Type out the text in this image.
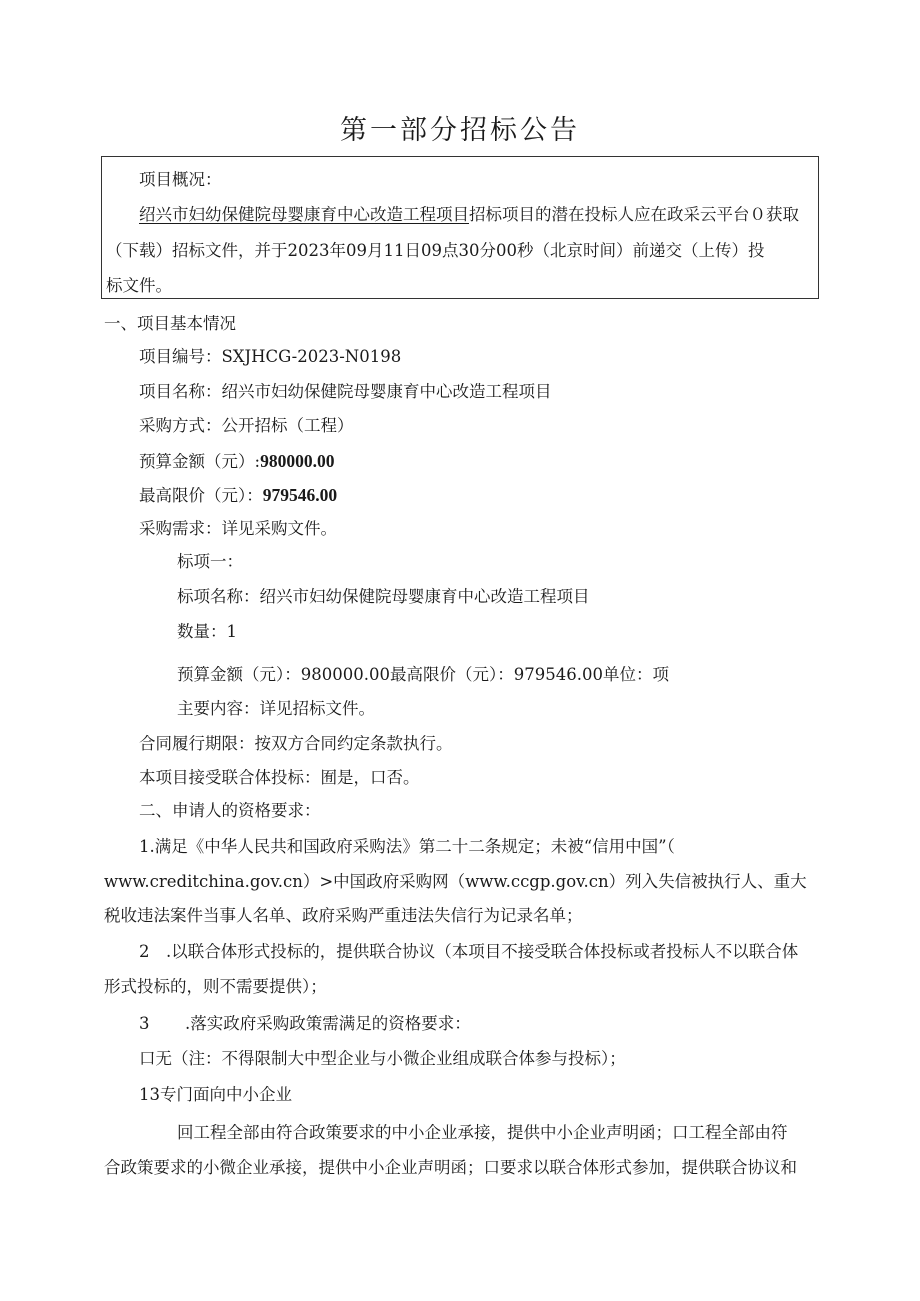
第一部分招标公告
项目概况：
绍兴市妇幼保健院母婴康育中心改造工程项目招标项目的潜在投标人应在政采云平台０获取
（下载）招标文件，并于2023年09月11日09点30分00秒（北京时间）前递交（上传）投
标文件。
一、项目基本情况
项目编号：SXJHCG-2023-N0198
项目名称：绍兴市妇幼保健院母婴康育中心改造工程项目
采购方式：公开招标（工程）
预算金额（元）:980000.00
最高限价（元）：979546.00
采购需求：详见采购文件。
标项一：
标项名称：绍兴市妇幼保健院母婴康育中心改造工程项目
数量：1
预算金额（元）：980000.00最高限价（元）：979546.00单位：项
主要内容：详见招标文件。
合同履行期限：按双方合同约定条款执行。
本项目接受联合体投标：囿是，口否。
二、申请人的资格要求：
1.满足《中华人民共和国政府采购法》第二十二条规定；未被“信用中国”（
www.creditchina.gov.cn）>中国政府采购网（www.ccgp.gov.cn）列入失信被执行人、重大
税收违法案件当事人名单、政府采购严重违法失信行为记录名单；
2　.以联合体形式投标的，提供联合协议（本项目不接受联合体投标或者投标人不以联合体
形式投标的，则不需要提供）；
3 .落实政府采购政策需满足的资格要求：
口无（注：不得限制大中型企业与小微企业组成联合体参与投标）；
13专门面向中小企业
回工程全部由符合政策要求的中小企业承接，提供中小企业声明函；口工程全部由符
合政策要求的小微企业承接，提供中小企业声明函；口要求以联合体形式参加，提供联合协议和
